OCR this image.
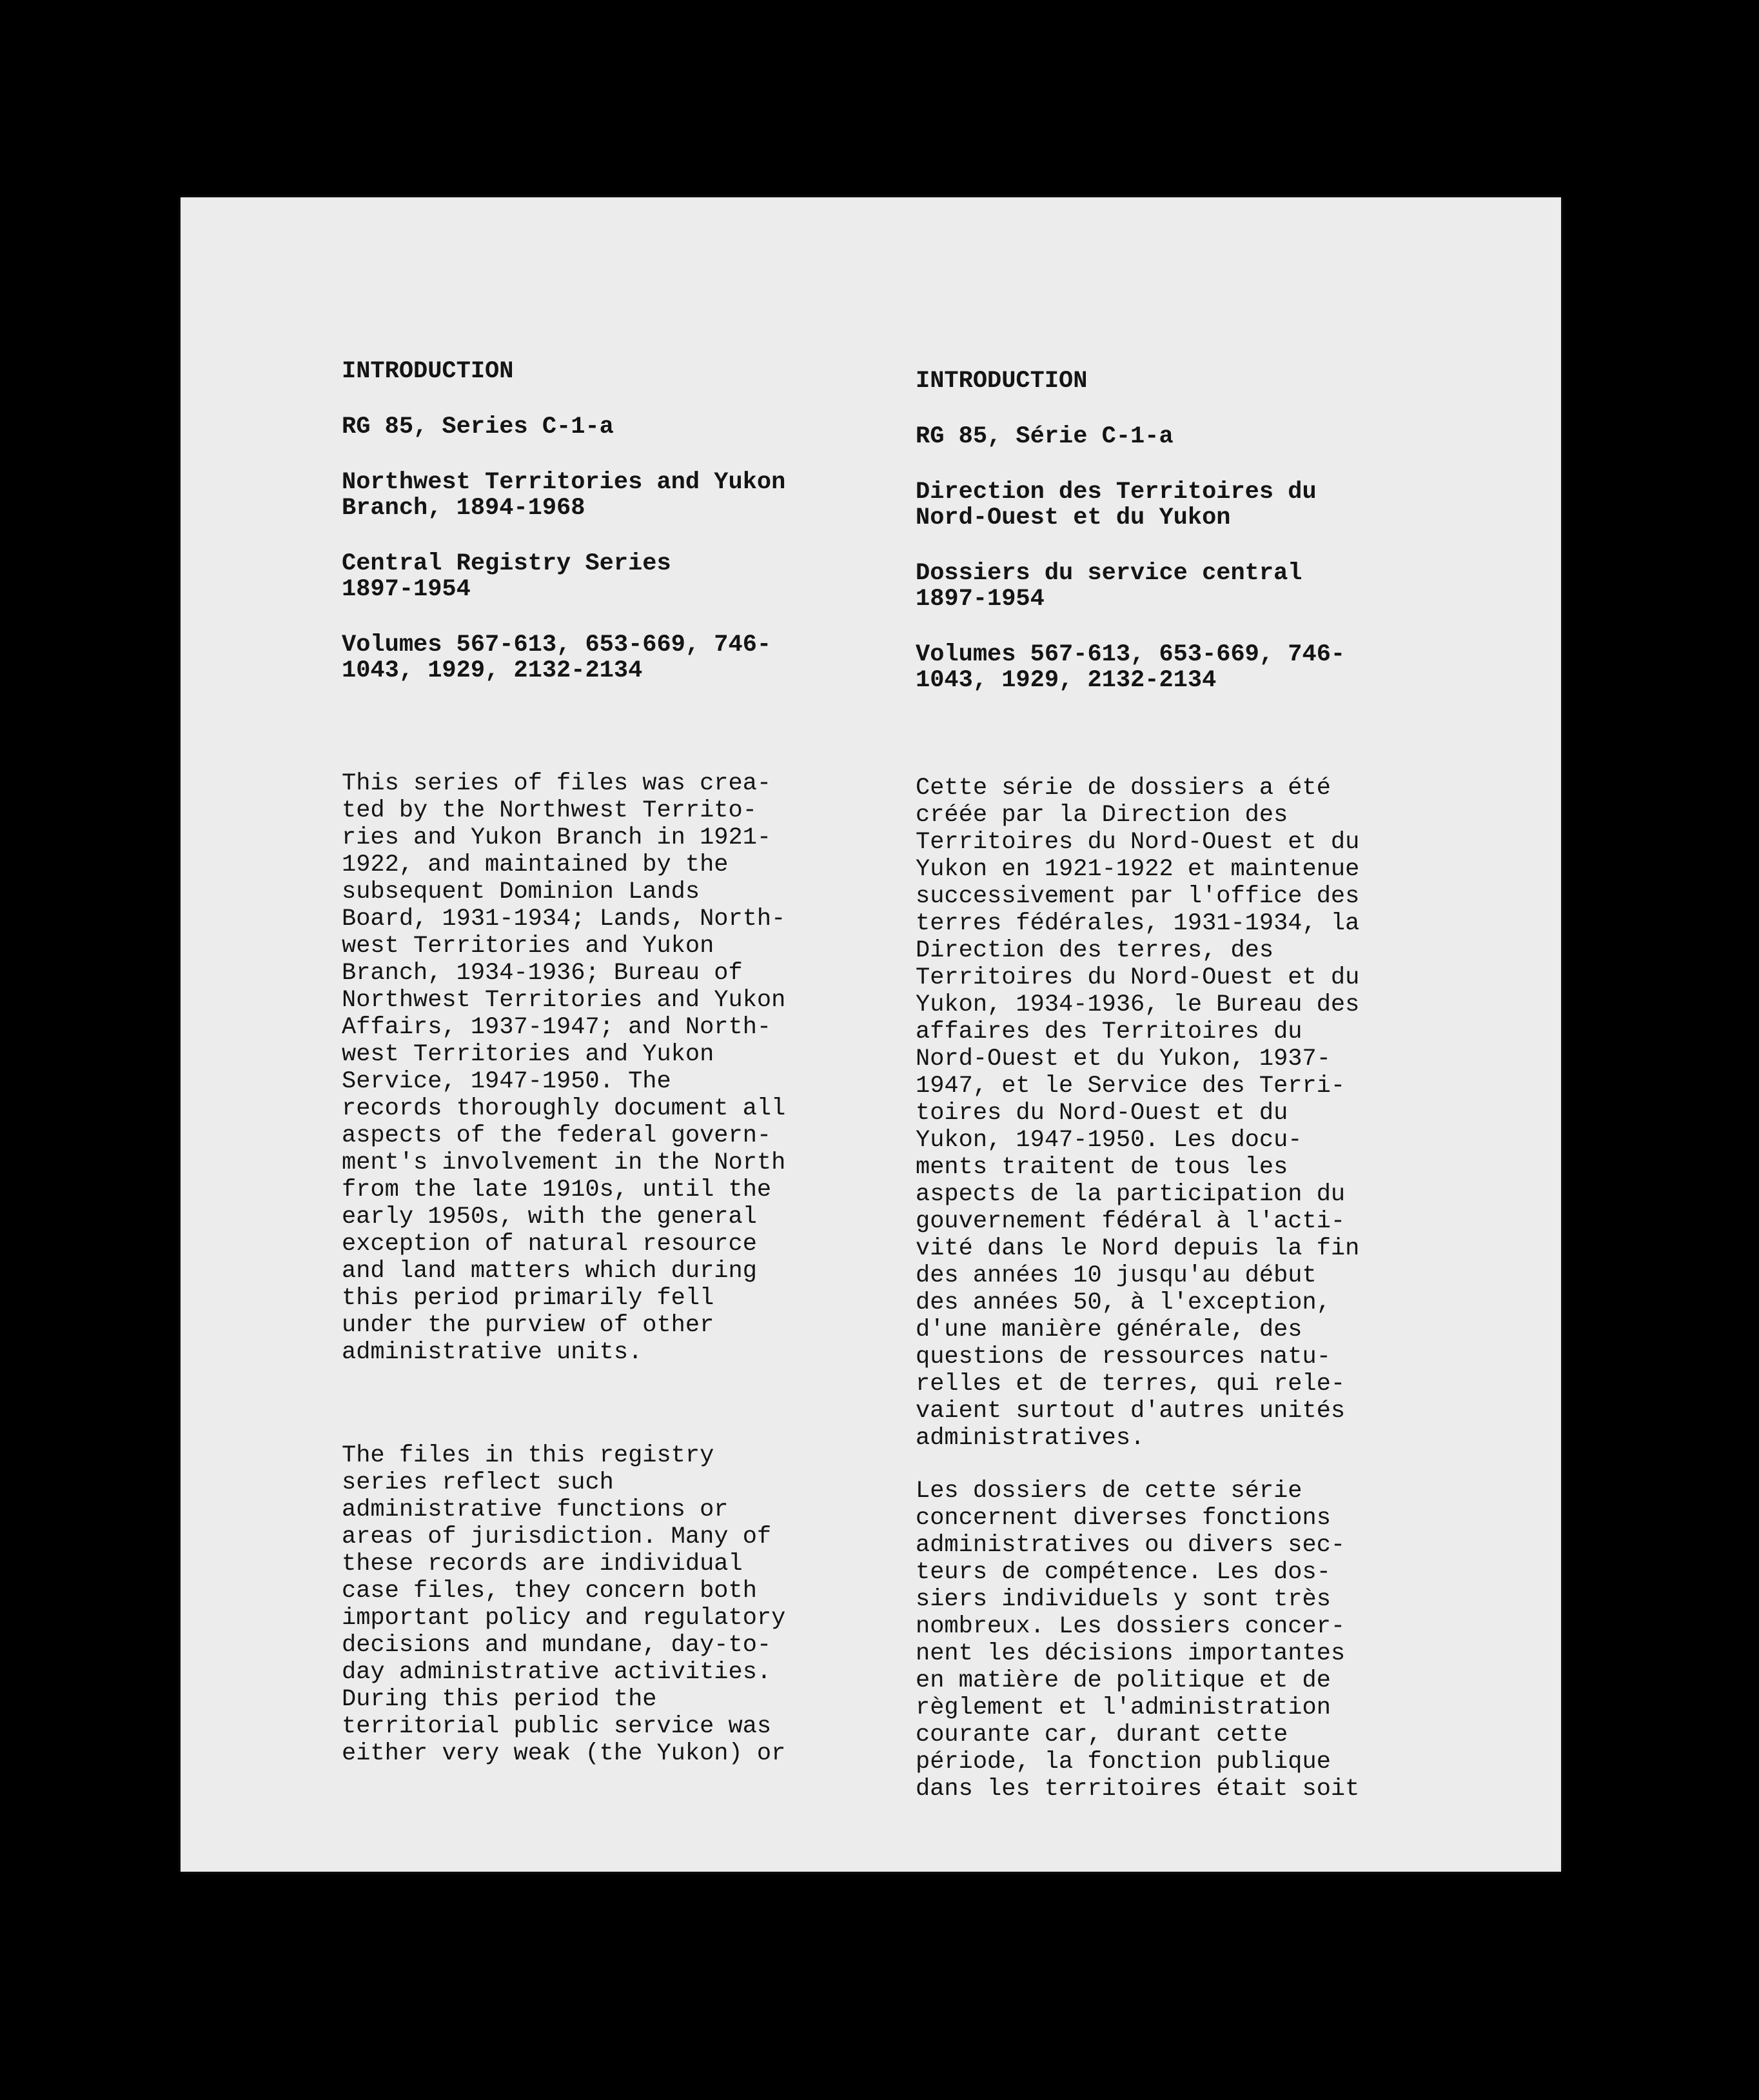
INTRODUCTION
RG 85, Series C-1-a
Northwest Territories and Yukon
Branch, 1894-1968
Central Registry Series
1897-1954
Volumes 567-613, 653-669, 746-
1043, 1929, 2132-2134

This series of files was crea-
ted by the Northwest Territo-
ries and Yukon Branch in 1921-
1922, and maintained by the
subsequent Dominion Lands
Board, 1931-1934; Lands, North-
west Territories and Yukon
Branch, 1934-1936; Bureau of
Northwest Territories and Yukon
Affairs, 1937-1947; and North-
west Territories and Yukon
Service, 1947-1950. The
records thoroughly document all
aspects of the federal govern-
ment's involvement in the North
from the late 1910s, until the
early 1950s, with the general
exception of natural resource
and land matters which during
this period primarily fell
under the purview of other
administrative units.

The files in this registry
series reflect such
administrative functions or
areas of jurisdiction. Many of
these records are individual
case files, they concern both
important policy and regulatory
decisions and mundane, day-to-
day administrative activities.
During this period the
territorial public service was
either very weak (the Yukon) or

INTRODUCTION
RG 85, Série C-1-a
Direction des Territoires du
Nord-Ouest et du Yukon
Dossiers du service central
1897-1954
Volumes 567-613, 653-669, 746-
1043, 1929, 2132-2134

Cette série de dossiers a été
créée par la Direction des
Territoires du Nord-Ouest et du
Yukon en 1921-1922 et maintenue
successivement par l'office des
terres fédérales, 1931-1934, la
Direction des terres, des
Territoires du Nord-Ouest et du
Yukon, 1934-1936, le Bureau des
affaires des Territoires du
Nord-Ouest et du Yukon, 1937-
1947, et le Service des Terri-
toires du Nord-Ouest et du
Yukon, 1947-1950. Les docu-
ments traitent de tous les
aspects de la participation du
gouvernement fédéral à l'acti-
vité dans le Nord depuis la fin
des années 10 jusqu'au début
des années 50, à l'exception,
d'une manière générale, des
questions de ressources natu-
relles et de terres, qui rele-
vaient surtout d'autres unités
administratives.

Les dossiers de cette série
concernent diverses fonctions
administratives ou divers sec-
teurs de compétence. Les dos-
siers individuels y sont très
nombreux. Les dossiers concer-
nent les décisions importantes
en matière de politique et de
règlement et l'administration
courante car, durant cette
période, la fonction publique
dans les territoires était soit
